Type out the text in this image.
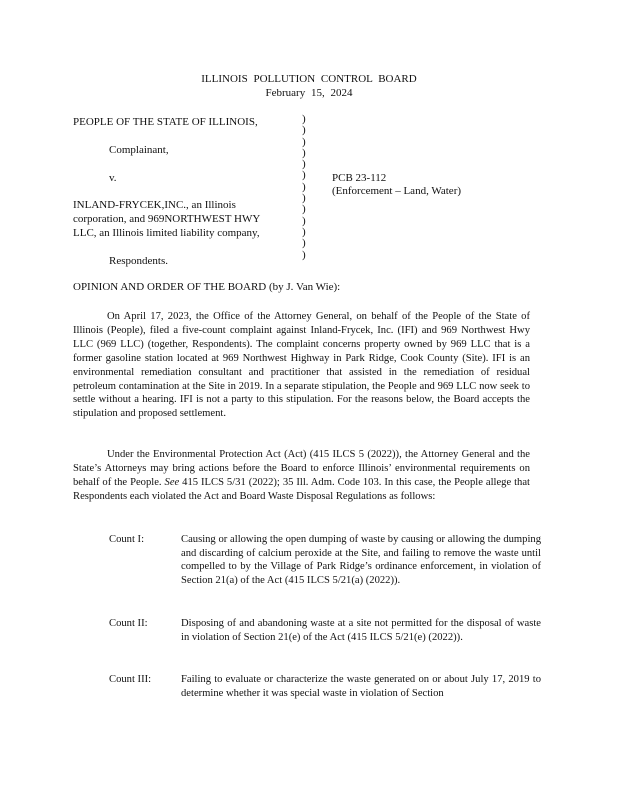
ILLINOIS POLLUTION CONTROL BOARD
February 15, 2024
PEOPLE OF THE STATE OF ILLINOIS,
Complainant,
v.
INLAND-FRYCEK,INC., an Illinois
corporation, and 969NORTHWEST HWY
LLC, an Illinois limited liability company,
Respondents.
)
)
)
)
)
)
)
)
)
)
)
)
)
PCB 23-112
(Enforcement – Land, Water)
OPINION AND ORDER OF THE BOARD (by J. Van Wie):
On April 17, 2023, the Office of the Attorney General, on behalf of the People of the State of Illinois (People), filed a five-count complaint against Inland-Frycek, Inc. (IFI) and 969 Northwest Hwy LLC (969 LLC) (together, Respondents). The complaint concerns property owned by 969 LLC that is a former gasoline station located at 969 Northwest Highway in Park Ridge, Cook County (Site). IFI is an environmental remediation consultant and practitioner that assisted in the remediation of residual petroleum contamination at the Site in 2019. In a separate stipulation, the People and 969 LLC now seek to settle without a hearing. IFI is not a party to this stipulation. For the reasons below, the Board accepts the stipulation and proposed settlement.
Under the Environmental Protection Act (Act) (415 ILCS 5 (2022)), the Attorney General and the State’s Attorneys may bring actions before the Board to enforce Illinois’ environmental requirements on behalf of the People. See 415 ILCS 5/31 (2022); 35 Ill. Adm. Code 103. In this case, the People allege that Respondents each violated the Act and Board Waste Disposal Regulations as follows:
Count I:	Causing or allowing the open dumping of waste by causing or allowing the dumping and discarding of calcium peroxide at the Site, and failing to remove the waste until compelled to by the Village of Park Ridge’s ordinance enforcement, in violation of Section 21(a) of the Act (415 ILCS 5/21(a) (2022)).
Count II:	Disposing of and abandoning waste at a site not permitted for the disposal of waste in violation of Section 21(e) of the Act (415 ILCS 5/21(e) (2022)).
Count III:	Failing to evaluate or characterize the waste generated on or about July 17, 2019 to determine whether it was special waste in violation of Section
